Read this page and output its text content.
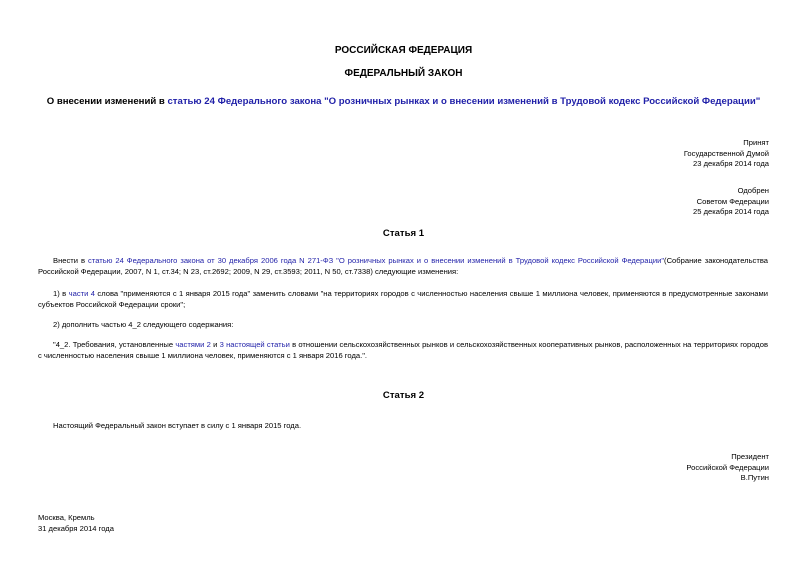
РОССИЙСКАЯ ФЕДЕРАЦИЯ
ФЕДЕРАЛЬНЫЙ ЗАКОН
О внесении изменений в статью 24 Федерального закона "О розничных рынках и о внесении изменений в Трудовой кодекс Российской Федерации"
Принят
Государственной Думой
23 декабря 2014 года
Одобрен
Советом Федерации
25 декабря 2014 года
Статья 1
Внести в статью 24 Федерального закона от 30 декабря 2006 года N 271-ФЗ "О розничных рынках и о внесении изменений в Трудовой кодекс Российской Федерации"(Собрание законодательства Российской Федерации, 2007, N 1, ст.34; N 23, ст.2692; 2009, N 29, ст.3593; 2011, N 50, ст.7338) следующие изменения:
1) в части 4 слова "применяются с 1 января 2015 года" заменить словами "на территориях городов с численностью населения свыше 1 миллиона человек, применяются в предусмотренные законами субъектов Российской Федерации сроки";
2) дополнить частью 4_2 следующего содержания:
"4_2. Требования, установленные частями 2 и 3 настоящей статьи в отношении сельскохозяйственных рынков и сельскохозяйственных кооперативных рынков, расположенных на территориях городов с численностью населения свыше 1 миллиона человек, применяются с 1 января 2016 года.".
Статья 2
Настоящий Федеральный закон вступает в силу с 1 января 2015 года.
Президент
Российской Федерации
В.Путин
Москва, Кремль
31 декабря 2014 года
